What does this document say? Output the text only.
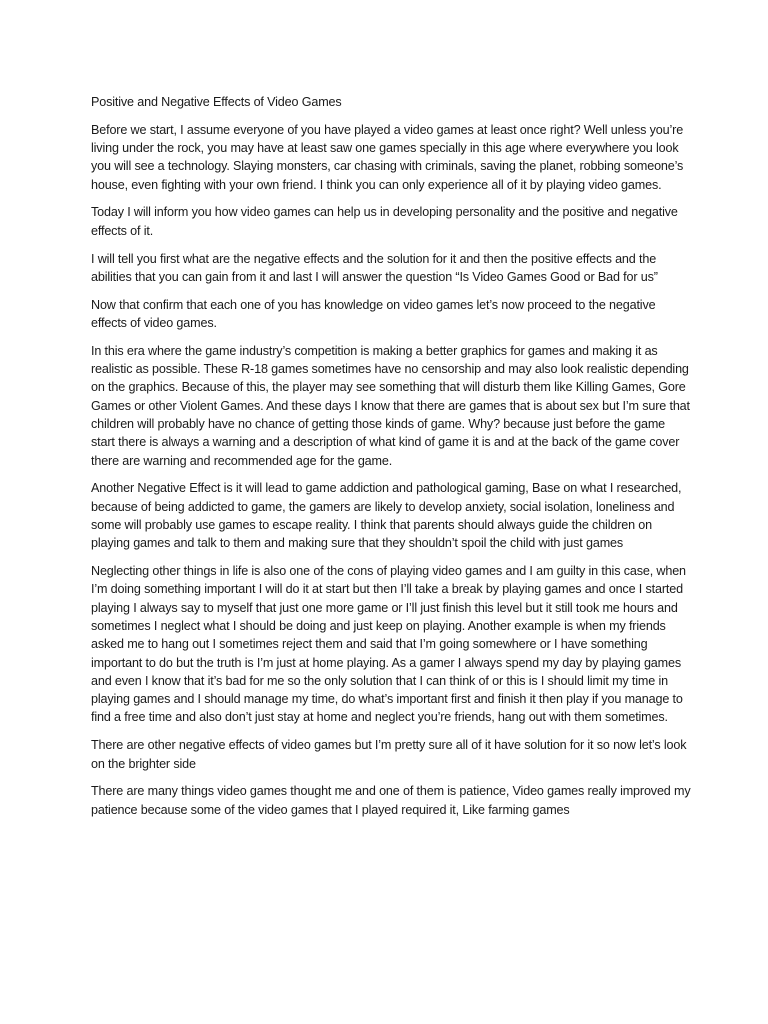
Positive and Negative Effects of Video Games

Before we start, I assume everyone of you have played a video games at least once right? Well unless you’re living under the rock, you may have at least saw one games specially in this age where everywhere you look you will see a technology. Slaying monsters, car chasing with criminals, saving the planet, robbing someone’s house, even fighting with your own friend. I think you can only experience all of it by playing video games.

Today I will inform you how video games can help us in developing personality and the positive and negative effects of it.

I will tell you first what are the negative effects and the solution for it and then the positive effects and the abilities that you can gain from it and last I will answer the question “Is Video Games Good or Bad for us”

Now that confirm that each one of you has knowledge on video games let’s now proceed to the negative effects of video games.

In this era where the game industry’s competition is making a better graphics for games and making it as realistic as possible. These R-18 games sometimes have no censorship and may also look realistic depending on the graphics. Because of this, the player may see something that will disturb them like Killing Games, Gore Games or other Violent Games. And these days I know that there are games that is about sex but I’m sure that children will probably have no chance of getting those kinds of game. Why? because just before the game start there is always a warning and a description of what kind of game it is and at the back of the game cover there are warning and recommended age for the game.

Another Negative Effect is it will lead to game addiction and pathological gaming, Base on what I researched, because of being addicted to game, the gamers are likely to develop anxiety, social isolation, loneliness and some will probably use games to escape reality. I think that parents should always guide the children on playing games and talk to them and making sure that they shouldn’t spoil the child with just games

Neglecting other things in life is also one of the cons of playing video games and I am guilty in this case, when I’m doing something important I will do it at start but then I’ll take a break by playing games and once I started playing I always say to myself that just one more game or I’ll just finish this level but it still took me hours and sometimes I neglect what I should be doing and just keep on playing. Another example is when my friends asked me to hang out I sometimes reject them and said that I’m going somewhere or I have something important to do but the truth is I’m just at home playing. As a gamer I always spend my day by playing games and even I know that it’s bad for me so the only solution that I can think of or this is I should limit my time in playing games and I should manage my time, do what’s important first and finish it then play if you manage to find a free time and also don’t just stay at home and neglect you’re friends, hang out with them sometimes.

There are other negative effects of video games but I’m pretty sure all of it have solution for it so now let’s look on the brighter side

There are many things video games thought me and one of them is patience, Video games really improved my patience because some of the video games that I played required it, Like farming games
